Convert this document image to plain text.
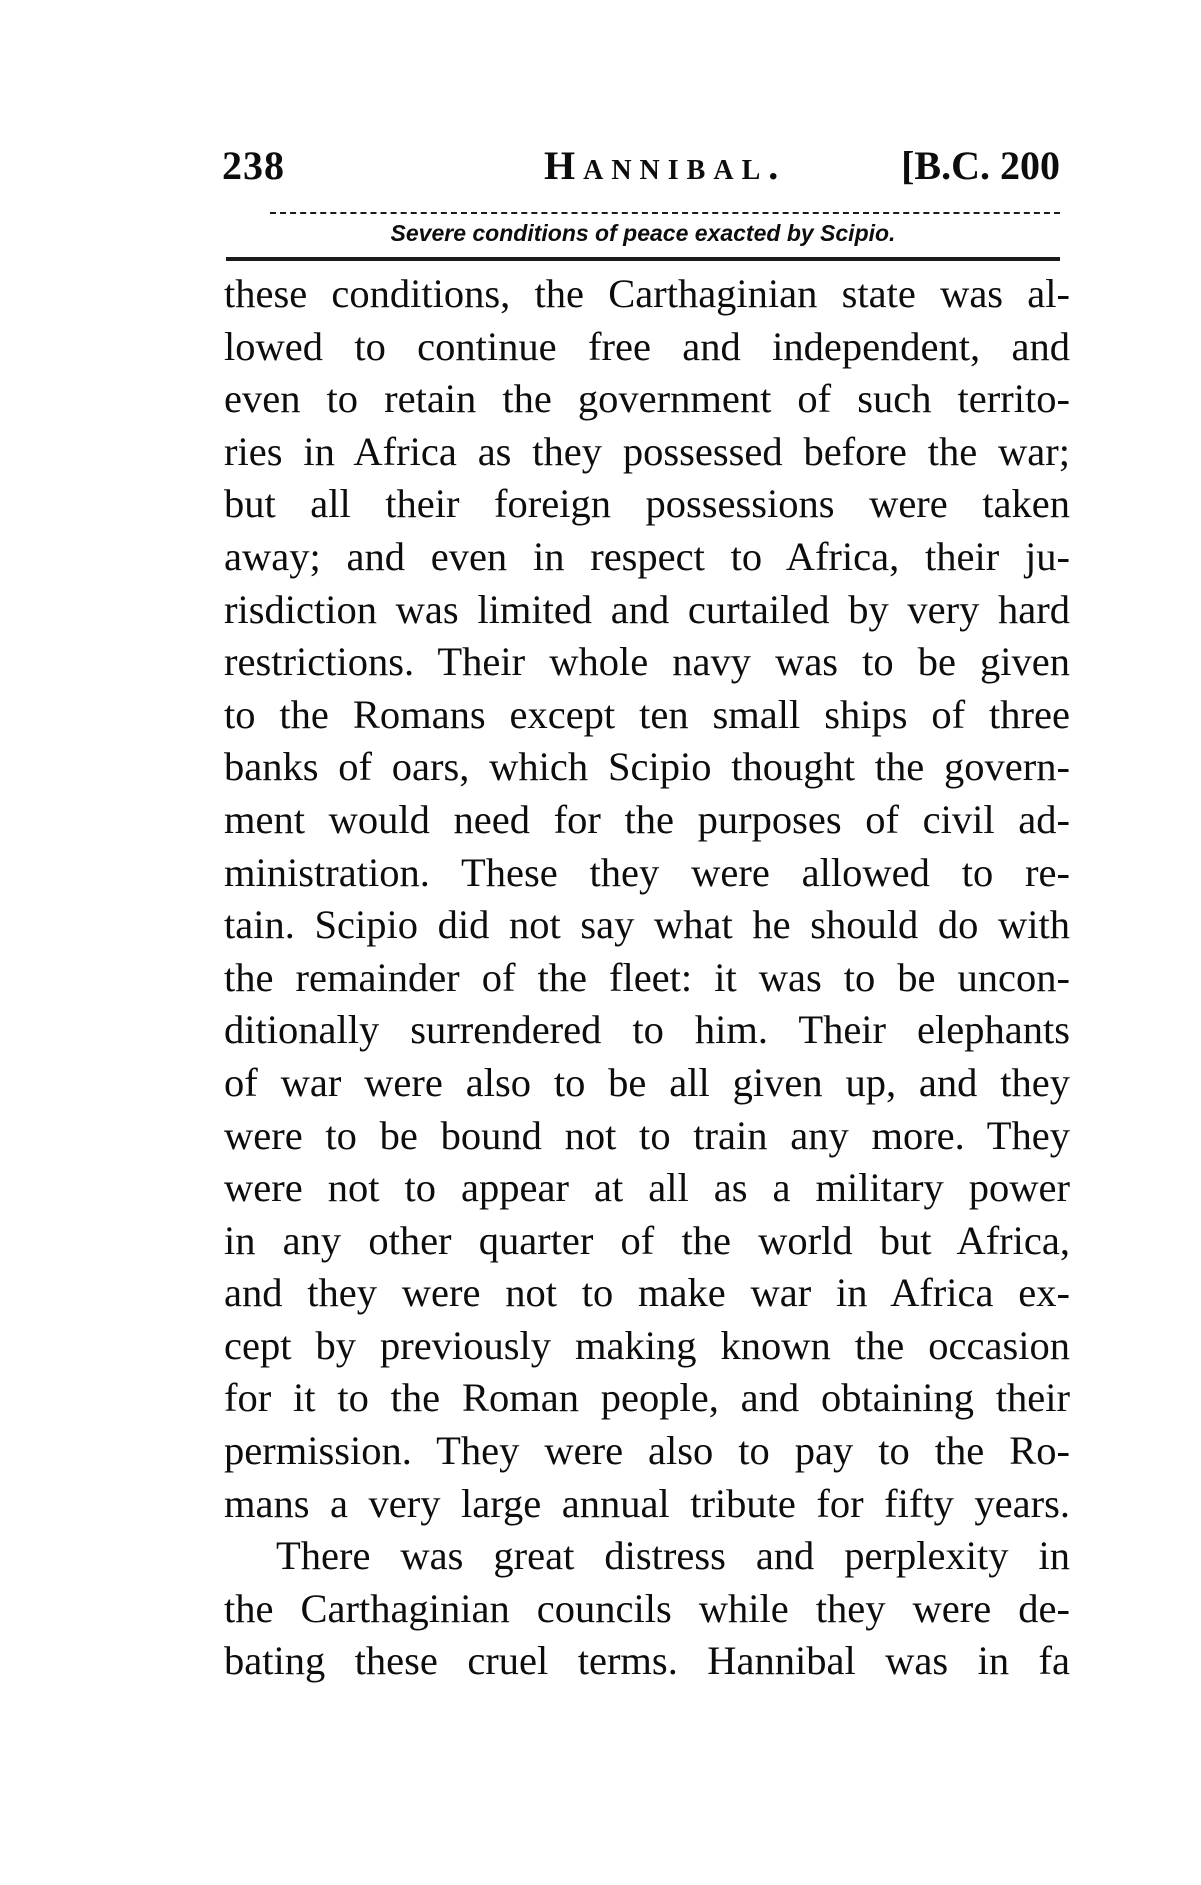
238	Hannibal.	[B.C. 200
Severe conditions of peace exacted by Scipio.
these conditions, the Carthaginian state was al-
lowed to continue free and independent, and
even to retain the government of such territo-
ries in Africa as they possessed before the war;
but all their foreign possessions were taken
away; and even in respect to Africa, their ju-
risdiction was limited and curtailed by very hard
restrictions. Their whole navy was to be given
to the Romans except ten small ships of three
banks of oars, which Scipio thought the govern-
ment would need for the purposes of civil ad-
ministration. These they were allowed to re-
tain. Scipio did not say what he should do with
the remainder of the fleet: it was to be uncon-
ditionally surrendered to him. Their elephants
of war were also to be all given up, and they
were to be bound not to train any more. They
were not to appear at all as a military power
in any other quarter of the world but Africa,
and they were not to make war in Africa ex-
cept by previously making known the occasion
for it to the Roman people, and obtaining their
permission. They were also to pay to the Ro-
mans a very large annual tribute for fifty years.
There was great distress and perplexity in
the Carthaginian councils while they were de-
bating these cruel terms. Hannibal was in fa
